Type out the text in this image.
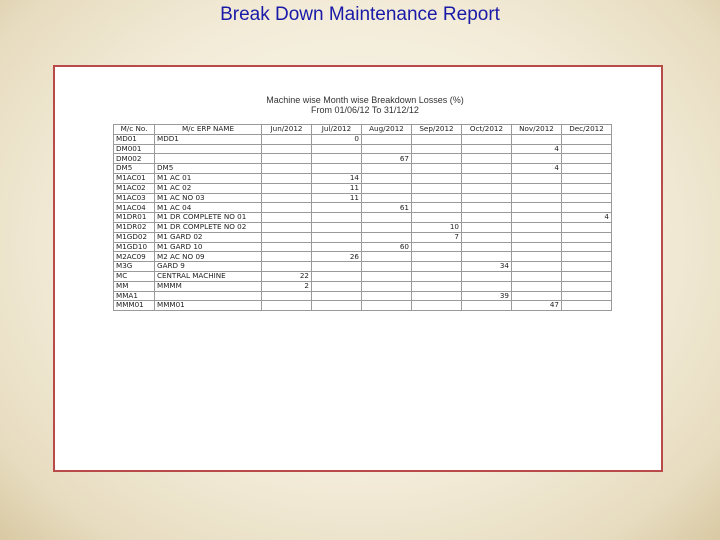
Break Down Maintenance Report
Machine wise Month wise Breakdown Losses (%)
From 01/06/12 To 31/12/12
M/c No.	M/c ERP NAME	Jun/2012	Jul/2012	Aug/2012	Sep/2012	Oct/2012	Nov/2012	Dec/2012
MD01	MDD1		0					
DM001							4	
DM002				67				
DM5	DM5						4	
M1AC01	M1 AC 01		14					
M1AC02	M1 AC 02		11					
M1AC03	M1 AC NO 03		11					
M1AC04	M1 AC 04			61				
M1DR01	M1 DR COMPLETE NO 01							4
M1DR02	M1 DR COMPLETE NO 02				10			
M1GD02	M1 GARD 02				7			
M1GD10	M1 GARD 10			60				
M2AC09	M2 AC NO 09		26					
M3G	GARD 9					34		
MC	CENTRAL MACHINE	22						
MM	MMMM	2						
MMA1						39		
MMM01	MMM01						47	
